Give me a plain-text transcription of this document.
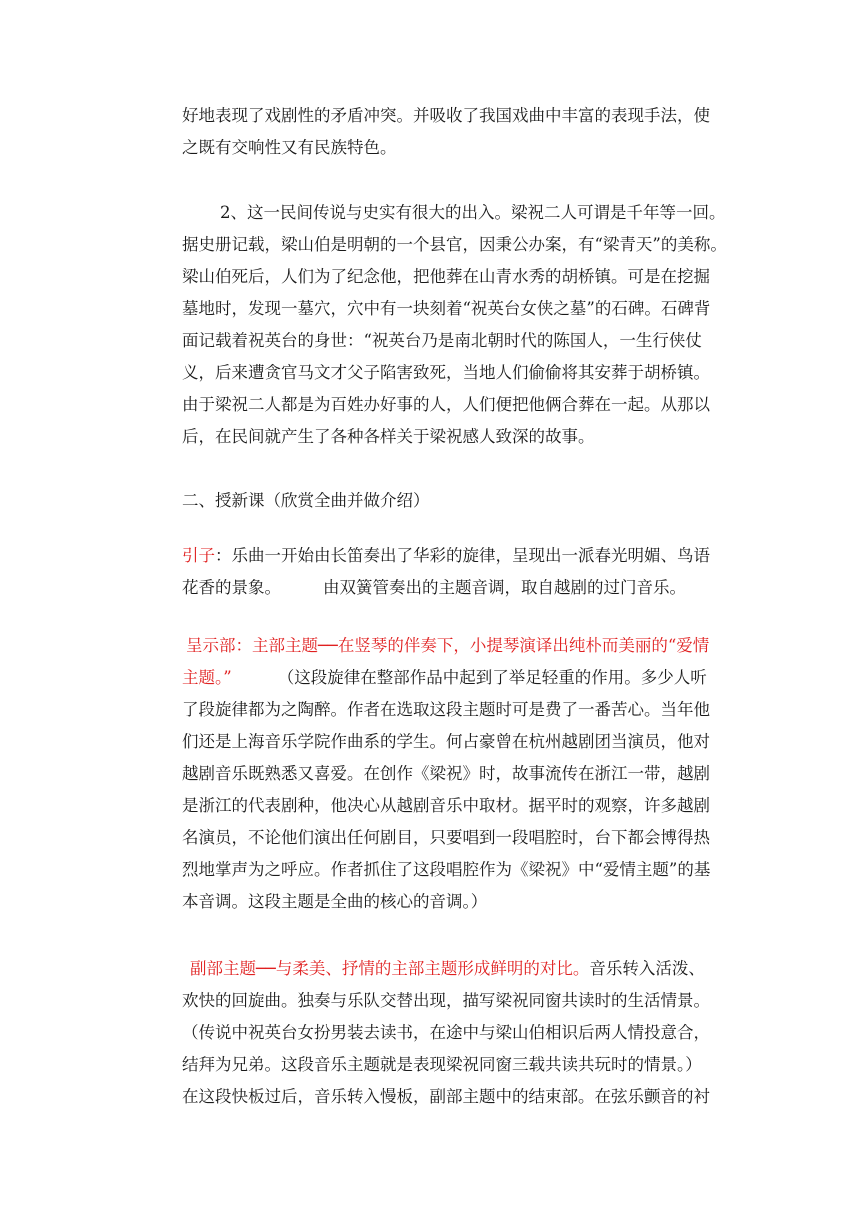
好地表现了戏剧性的矛盾冲突。并吸收了我国戏曲中丰富的表现手法，使
之既有交响性又有民族特色。
2、这一民间传说与史实有很大的出入。梁祝二人可谓是千年等一回。
据史册记载，梁山伯是明朝的一个县官，因秉公办案，有“梁青天”的美称。
梁山伯死后，人们为了纪念他，把他葬在山青水秀的胡桥镇。可是在挖掘
墓地时，发现一墓穴，穴中有一块刻着“祝英台女侠之墓”的石碑。石碑背
面记载着祝英台的身世：“祝英台乃是南北朝时代的陈国人，一生行侠仗
义，后来遭贪官马文才父子陷害致死，当地人们偷偷将其安葬于胡桥镇。
由于梁祝二人都是为百姓办好事的人，人们便把他俩合葬在一起。从那以
后，在民间就产生了各种各样关于梁祝感人致深的故事。
二、授新课（欣赏全曲并做介绍）
引子：乐曲一开始由长笛奏出了华彩的旋律，呈现出一派春光明媚、鸟语
花香的景象。	由双簧管奏出的主题音调，取自越剧的过门音乐。
呈示部：主部主题──在竖琴的伴奏下，小提琴演译出纯朴而美丽的“爱情
主题。”	（这段旋律在整部作品中起到了举足轻重的作用。多少人听
了段旋律都为之陶醉。作者在选取这段主题时可是费了一番苦心。当年他
们还是上海音乐学院作曲系的学生。何占豪曾在杭州越剧团当演员，他对
越剧音乐既熟悉又喜爱。在创作《梁祝》时，故事流传在浙江一带，越剧
是浙江的代表剧种，他决心从越剧音乐中取材。据平时的观察，许多越剧
名演员，不论他们演出任何剧目，只要唱到一段唱腔时，台下都会博得热
烈地掌声为之呼应。作者抓住了这段唱腔作为《梁祝》中“爱情主题”的基
本音调。这段主题是全曲的核心的音调。）
副部主题──与柔美、抒情的主部主题形成鲜明的对比。音乐转入活泼、
欢快的回旋曲。独奏与乐队交替出现，描写梁祝同窗共读时的生活情景。
（传说中祝英台女扮男装去读书，在途中与梁山伯相识后两人情投意合，
结拜为兄弟。这段音乐主题就是表现梁祝同窗三载共读共玩时的情景。）
在这段快板过后，音乐转入慢板，副部主题中的结束部。在弦乐颤音的衬
